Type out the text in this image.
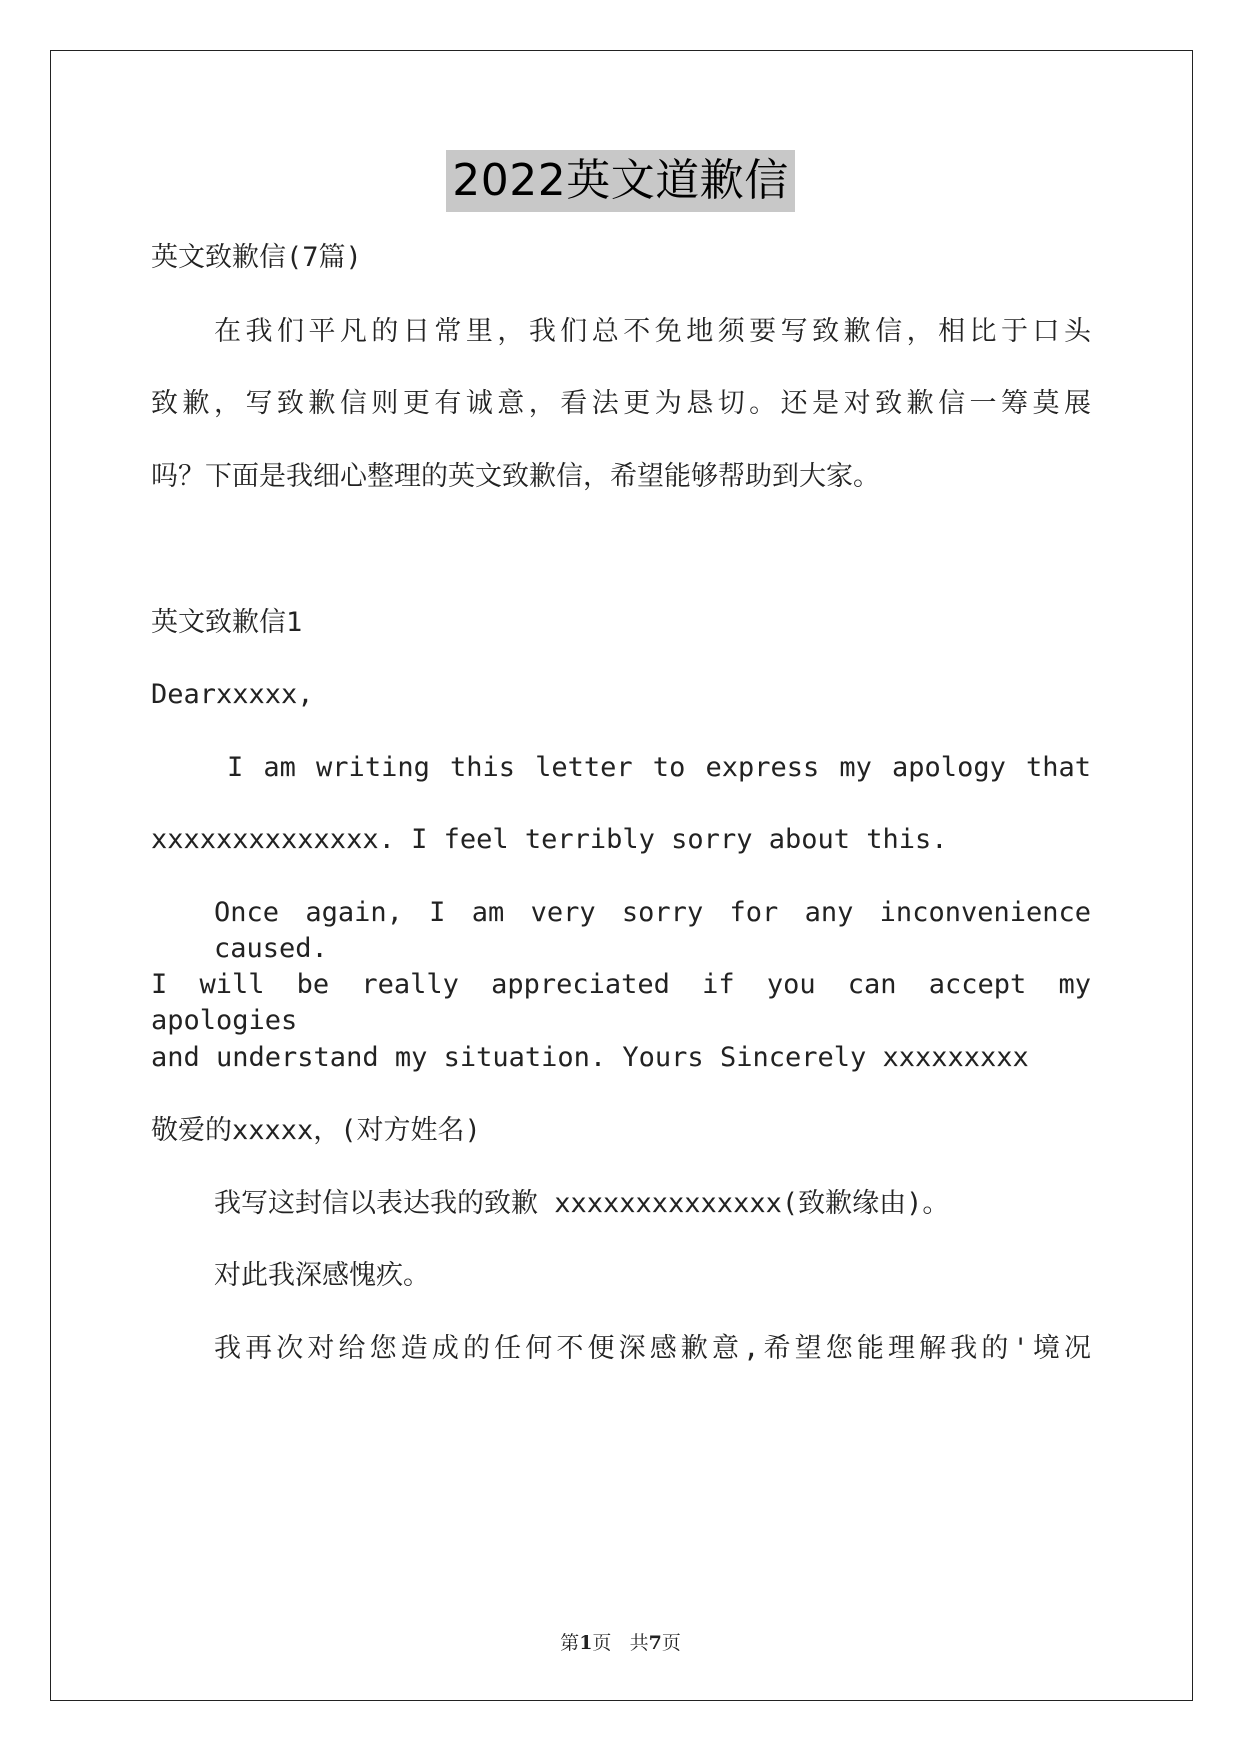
2022英文道歉信
英文致歉信(7篇)
在我们平凡的日常里，我们总不免地须要写致歉信，相比于口头
致歉，写致歉信则更有诚意，看法更为恳切。还是对致歉信一筹莫展
吗？下面是我细心整理的英文致歉信，希望能够帮助到大家。
英文致歉信1
Dearxxxxx,
I am writing this letter to express my apology that
xxxxxxxxxxxxxx. I feel terribly sorry about this.
Once again, I am very sorry for any inconvenience caused.
I will be really appreciated if you can accept my apologies
and understand my situation. Yours Sincerely xxxxxxxxx
敬爱的xxxxx，(对方姓名)
我写这封信以表达我的致歉 xxxxxxxxxxxxxx(致歉缘由)。
对此我深感愧疚。
我再次对给您造成的任何不便深感歉意,希望您能理解我的'境况
第1页 共7页
